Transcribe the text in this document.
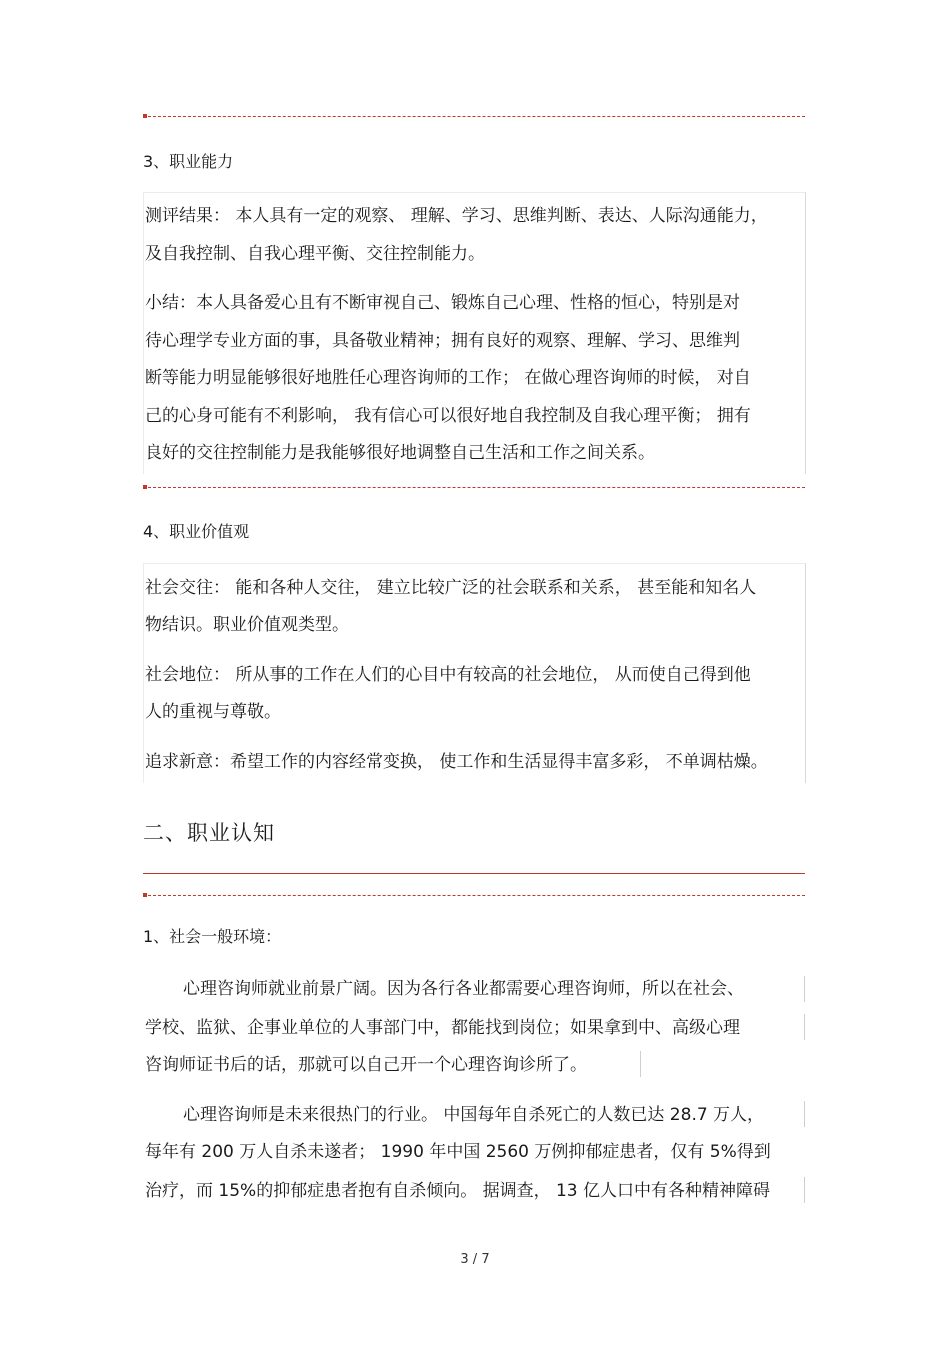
3、职业能力
测评结果： 本人具有一定的观察、 理解、学习、思维判断、表达、人际沟通能力，
及自我控制、自我心理平衡、交往控制能力。
小结：本人具备爱心且有不断审视自己、锻炼自己心理、性格的恒心，特别是对
待心理学专业方面的事，具备敬业精神；拥有良好的观察、理解、学习、思维判
断等能力明显能够很好地胜任心理咨询师的工作； 在做心理咨询师的时候， 对自
己的心身可能有不利影响， 我有信心可以很好地自我控制及自我心理平衡； 拥有
良好的交往控制能力是我能够很好地调整自己生活和工作之间关系。
4、职业价值观
社会交往： 能和各种人交往， 建立比较广泛的社会联系和关系， 甚至能和知名人
物结识。职业价值观类型。
社会地位： 所从事的工作在人们的心目中有较高的社会地位， 从而使自己得到他
人的重视与尊敬。
追求新意：希望工作的内容经常变换， 使工作和生活显得丰富多彩， 不单调枯燥。
二、职业认知
1、社会一般环境：
心理咨询师就业前景广阔。因为各行各业都需要心理咨询师，所以在社会、
学校、监狱、企事业单位的人事部门中，都能找到岗位；如果拿到中、高级心理
咨询师证书后的话，那就可以自己开一个心理咨询诊所了。
心理咨询师是未来很热门的行业。 中国每年自杀死亡的人数已达 28.7 万人，
每年有 200 万人自杀未遂者； 1990 年中国 2560 万例抑郁症患者，仅有 5%得到
治疗，而 15%的抑郁症患者抱有自杀倾向。 据调查， 13 亿人口中有各种精神障碍
3 / 7
